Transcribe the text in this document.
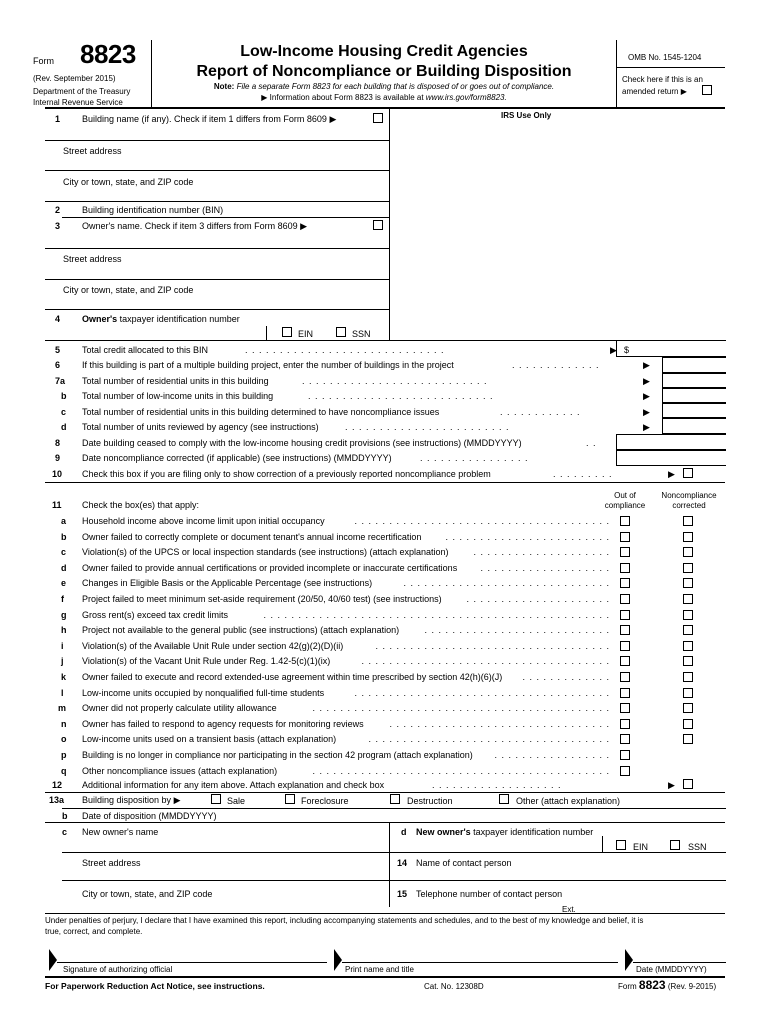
Form 8823
(Rev. September 2015)
Department of the Treasury
Internal Revenue Service
Low-Income Housing Credit Agencies
Report of Noncompliance or Building Disposition
Note: File a separate Form 8823 for each building that is disposed of or goes out of compliance.
▶ Information about Form 8823 is available at www.irs.gov/form8823.
OMB No. 1545-1204
Check here if this is an
amended return ▶
IRS Use Only
1 Building name (if any). Check if item 1 differs from Form 8609 ▶
Street address
City or town, state, and ZIP code
2 Building identification number (BIN)
3 Owner's name. Check if item 3 differs from Form 8609 ▶
Street address
City or town, state, and ZIP code
4 Owner's taxpayer identification number
EIN	SSN
5 Total credit allocated to this BIN	. . . . . . . . . . . . . . . . . . . . . . . . . . . . .	▶ $
6 If this building is part of a multiple building project, enter the number of buildings in the project	. . . . . . . . . . . . .	▶
7a Total number of residential units in this building	. . . . . . . . . . . . . . . . . . . . . . . . . . .	▶
b Total number of low-income units in this building	. . . . . . . . . . . . . . . . . . . . . . . . . . .	▶
c Total number of residential units in this building determined to have noncompliance issues	. . . . . . . . . . . .	▶
d Total number of units reviewed by agency (see instructions)	. . . . . . . . . . . . . . . . . . . . . . . .	▶
8 Date building ceased to comply with the low-income housing credit provisions (see instructions) (MMDDYYYY)	. .
9 Date noncompliance corrected (if applicable) (see instructions) (MMDDYYYY)	. . . . . . . . . . . . . . . .
10 Check this box if you are filing only to show correction of a previously reported noncompliance problem	. . . . . . . . .	▶
Out of
compliance
Noncompliance
corrected
11 Check the box(es) that apply:
a Household income above income limit upon initial occupancy	. . . . . . . . . . . . . . . . . . . . . . . . . . . . . . . . . . . . .
b Owner failed to correctly complete or document tenant's annual income recertification	. . . . . . . . . . . . . . . . . . . . . . . .
c Violation(s) of the UPCS or local inspection standards (see instructions) (attach explanation)	. . . . . . . . . . . . . . . . . . . .
d Owner failed to provide annual certifications or provided incomplete or inaccurate certifications	. . . . . . . . . . . . . . . . . . .
e Changes in Eligible Basis or the Applicable Percentage (see instructions)	. . . . . . . . . . . . . . . . . . . . . . . . . . . . . .
f Project failed to meet minimum set-aside requirement (20/50, 40/60 test) (see instructions)	. . . . . . . . . . . . . . . . . . . . .
g Gross rent(s) exceed tax credit limits	. . . . . . . . . . . . . . . . . . . . . . . . . . . . . . . . . . . . . . . . . . . . . . . . . .
h Project not available to the general public (see instructions) (attach explanation)	. . . . . . . . . . . . . . . . . . . . . . . . . . .
i Violation(s) of the Available Unit Rule under section 42(g)(2)(D)(ii)	. . . . . . . . . . . . . . . . . . . . . . . . . . . . . . . . . .
j Violation(s) of the Vacant Unit Rule under Reg. 1.42-5(c)(1)(ix)	. . . . . . . . . . . . . . . . . . . . . . . . . . . . . . . . . . . .
k Owner failed to execute and record extended-use agreement within time prescribed by section 42(h)(6)(J)	. . . . . . . . . . . . .
l Low-income units occupied by nonqualified full-time students	. . . . . . . . . . . . . . . . . . . . . . . . . . . . . . . . . . . . .
m Owner did not properly calculate utility allowance	. . . . . . . . . . . . . . . . . . . . . . . . . . . . . . . . . . . . . . . . . . .
n Owner has failed to respond to agency requests for monitoring reviews	. . . . . . . . . . . . . . . . . . . . . . . . . . . . . . . .
o Low-income units used on a transient basis (attach explanation)	. . . . . . . . . . . . . . . . . . . . . . . . . . . . . . . . . . .
p Building is no longer in compliance nor participating in the section 42 program (attach explanation)	. . . . . . . . . . . . . . . . .
q Other noncompliance issues (attach explanation)	. . . . . . . . . . . . . . . . . . . . . . . . . . . . . . . . . . . . . . . . . . .
12 Additional information for any item above. Attach explanation and check box	. . . . . . . . . . . . . . . . . . .	▶
13a Building disposition by ▶	Sale	Foreclosure	Destruction	Other (attach explanation)
b Date of disposition (MMDDYYYY)
c New owner's name	d New owner's taxpayer identification number
EIN	SSN
Street address	14 Name of contact person
City or town, state, and ZIP code	15 Telephone number of contact person
Ext.
Under penalties of perjury, I declare that I have examined this report, including accompanying statements and schedules, and to the best of my knowledge and belief, it is
true, correct, and complete.
Signature of authorizing official	Print name and title	Date (MMDDYYYY)
For Paperwork Reduction Act Notice, see instructions.	Cat. No. 12308D	Form 8823 (Rev. 9-2015)
